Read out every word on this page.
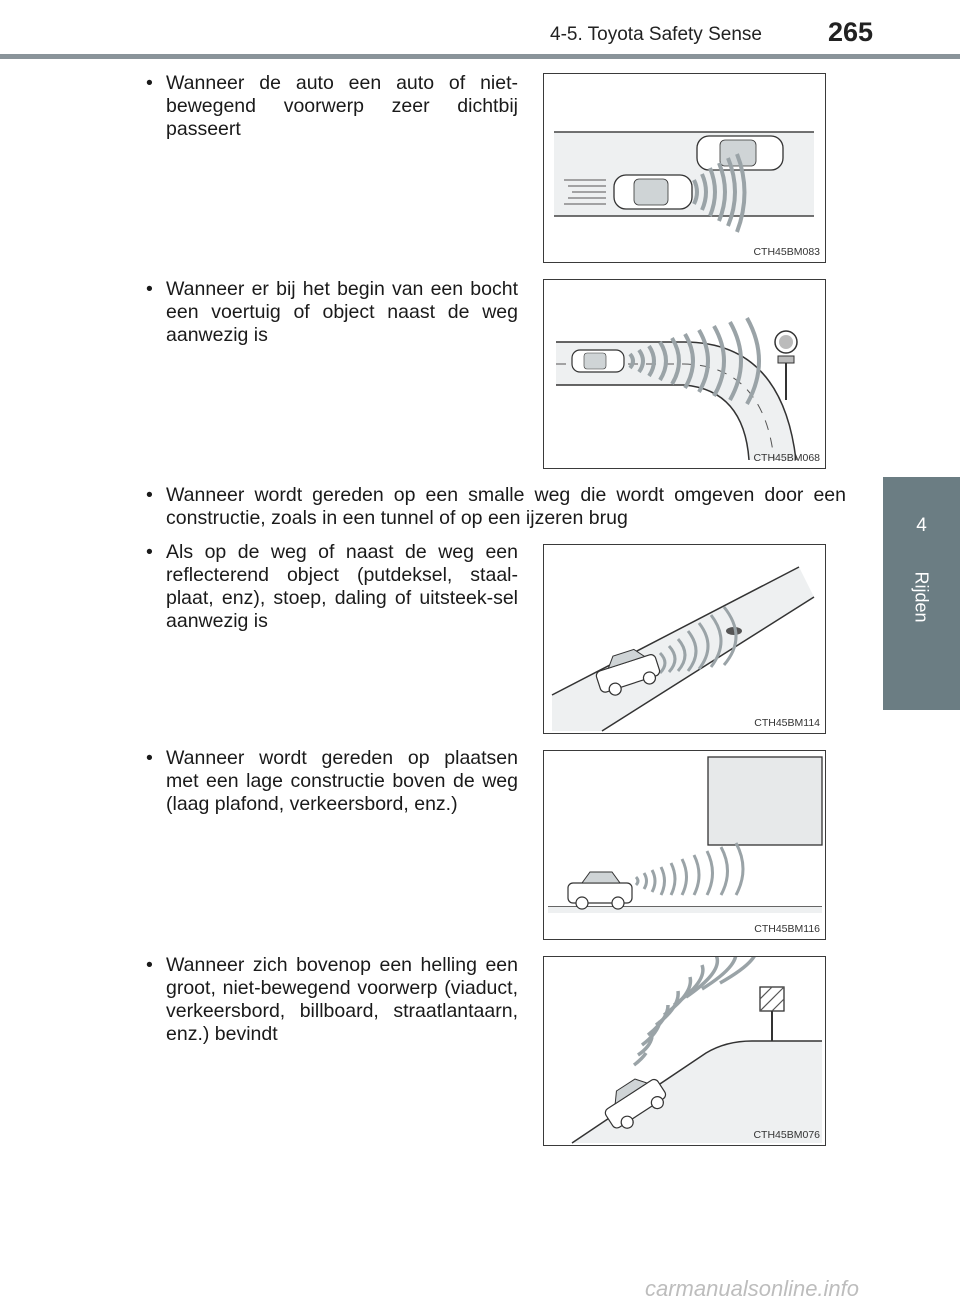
4-5. Toyota Safety Sense 265
4
Rijden
• Wanneer de auto een auto of niet-bewegend voorwerp zeer dichtbij passeert
CTH45BM083
• Wanneer er bij het begin van een bocht een voertuig of object naast de weg aanwezig is
CTH45BM068
• Wanneer wordt gereden op een smalle weg die wordt omgeven door een constructie, zoals in een tunnel of op een ijzeren brug
• Als op de weg of naast de weg een reflecterend object (putdeksel, staal-plaat, enz), stoep, daling of uitsteek-sel aanwezig is
CTH45BM114
• Wanneer wordt gereden op plaatsen met een lage constructie boven de weg (laag plafond, verkeersbord, enz.)
CTH45BM116
• Wanneer zich bovenop een helling een groot, niet-bewegend voorwerp (viaduct, verkeersbord, billboard, straatlantaarn, enz.) bevindt
CTH45BM076
carmanualsonline.info
